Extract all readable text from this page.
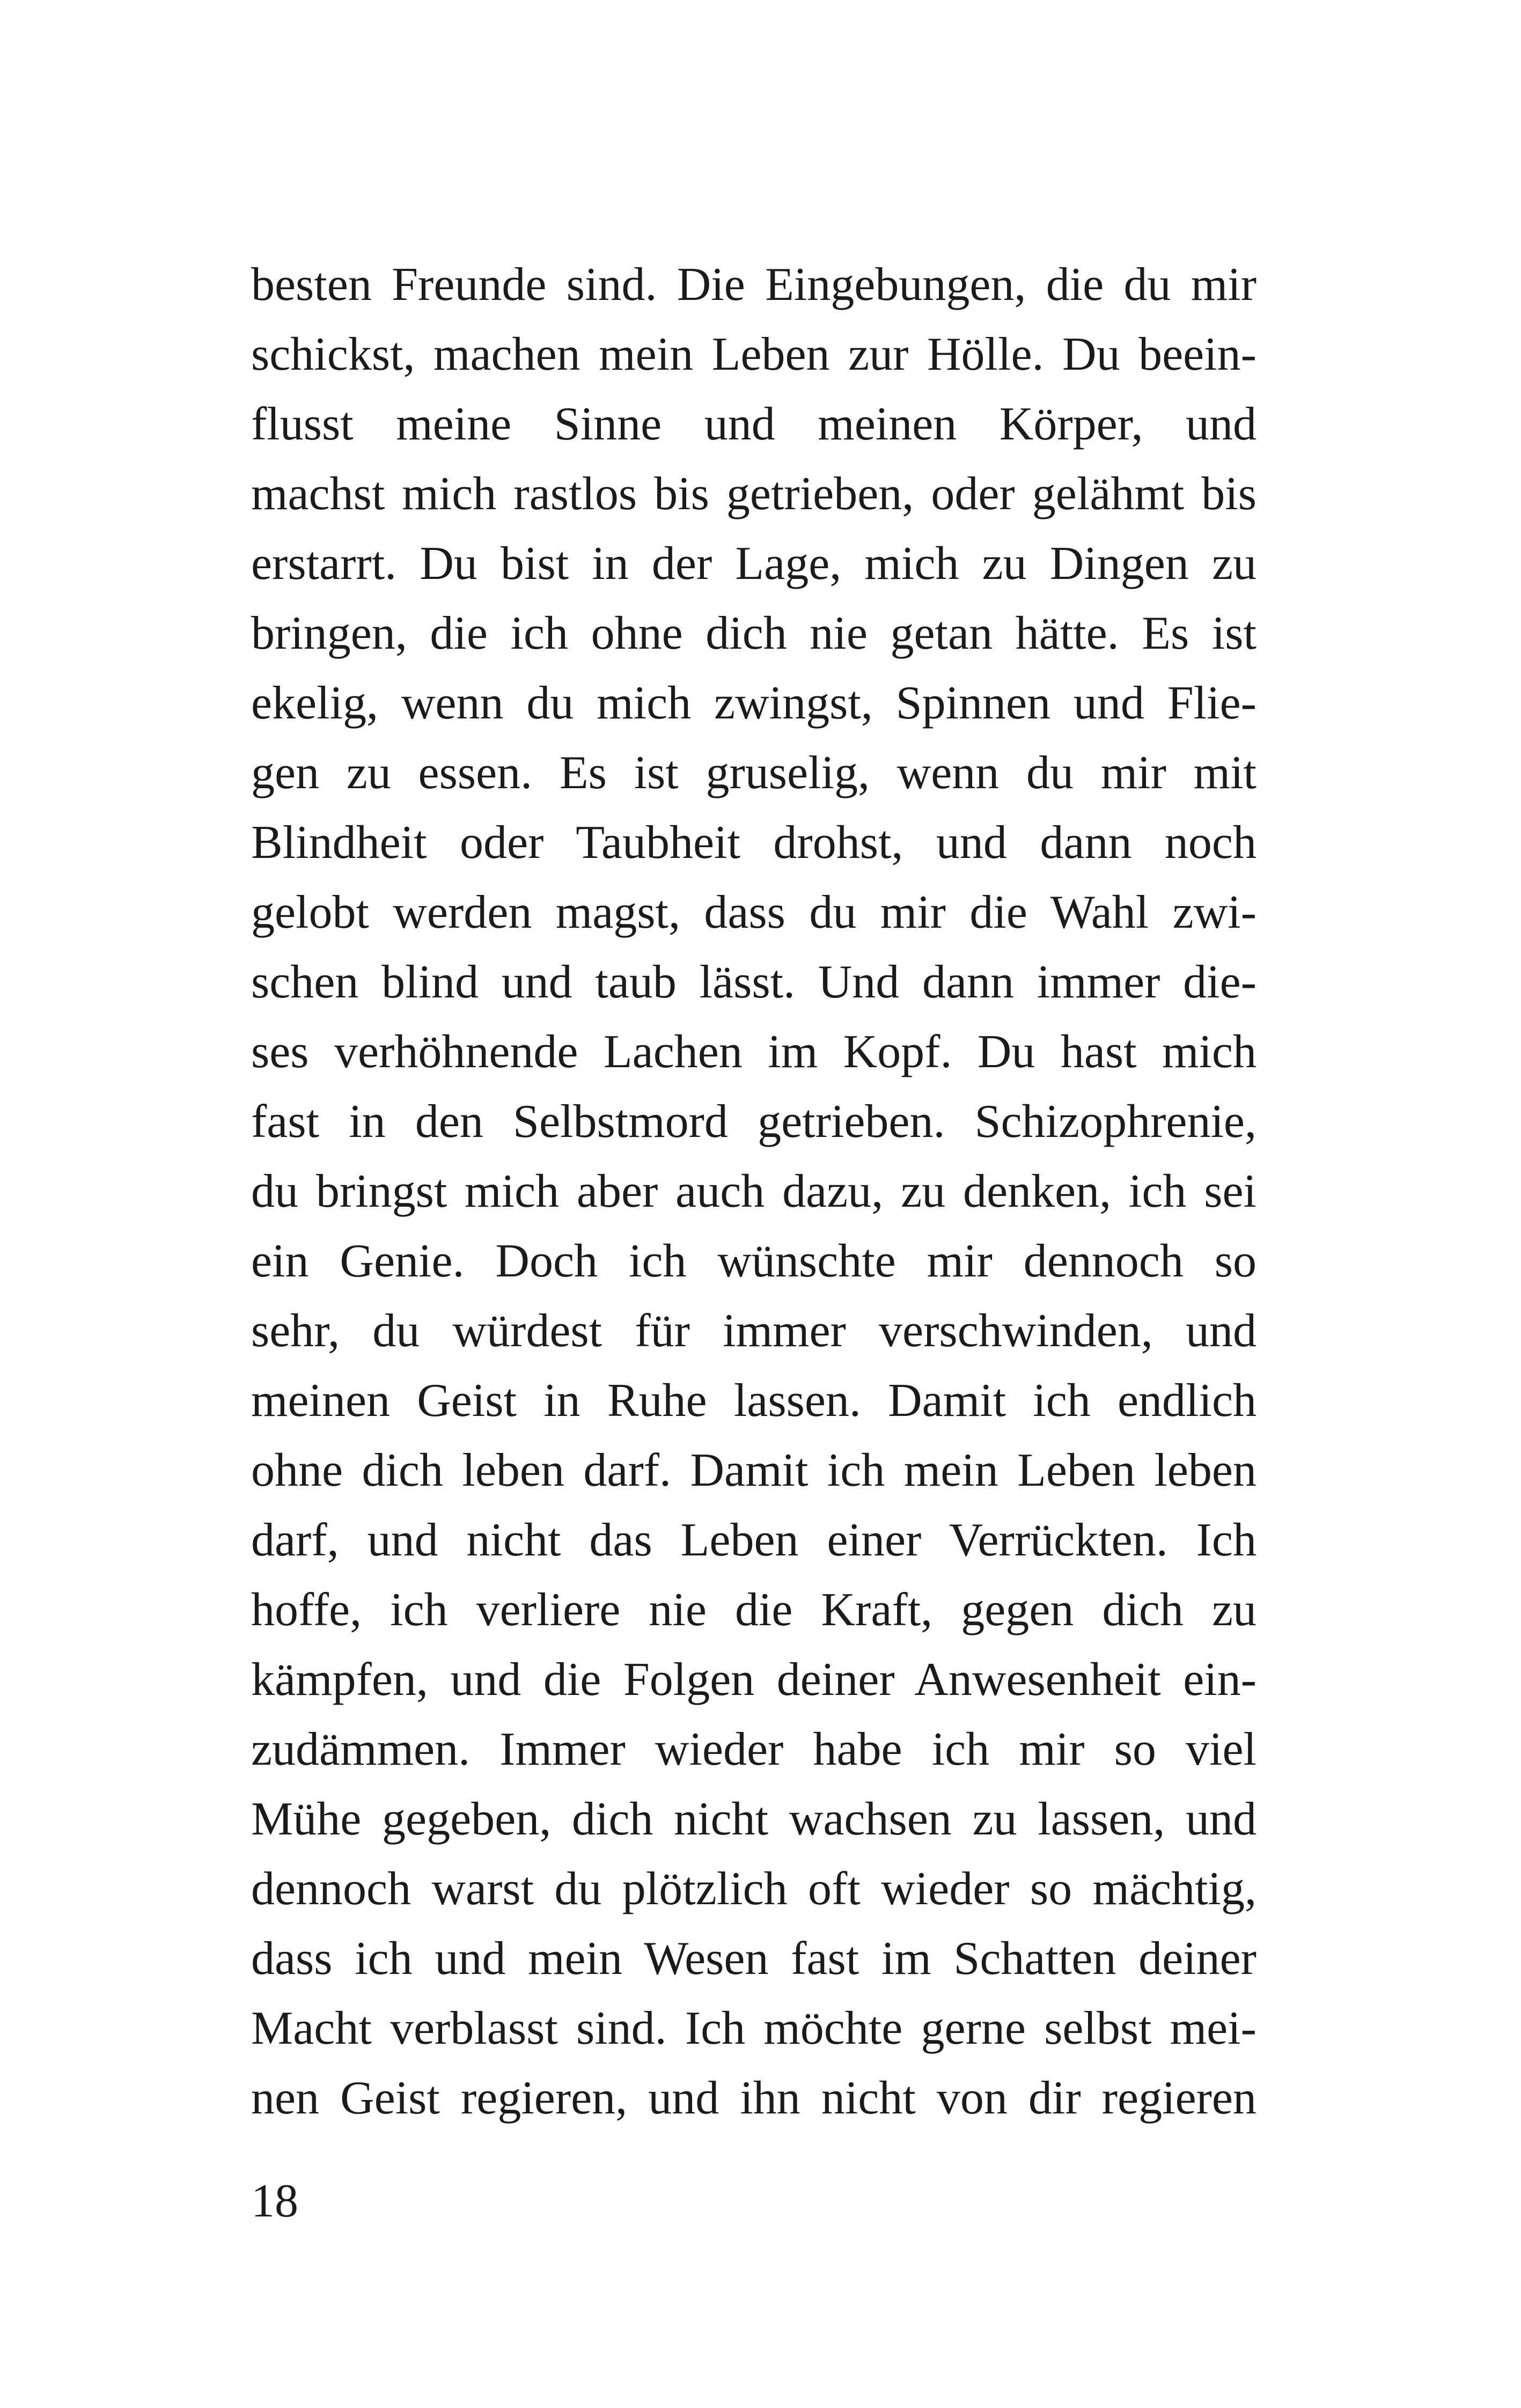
besten Freunde sind. Die Eingebungen, die du mir
schickst, machen mein Leben zur Hölle. Du beein-
flusst meine Sinne und meinen Körper, und
machst mich rastlos bis getrieben, oder gelähmt bis
erstarrt. Du bist in der Lage, mich zu Dingen zu
bringen, die ich ohne dich nie getan hätte. Es ist
ekelig, wenn du mich zwingst, Spinnen und Flie-
gen zu essen. Es ist gruselig, wenn du mir mit
Blindheit oder Taubheit drohst, und dann noch
gelobt werden magst, dass du mir die Wahl zwi-
schen blind und taub lässt. Und dann immer die-
ses verhöhnende Lachen im Kopf. Du hast mich
fast in den Selbstmord getrieben. Schizophrenie,
du bringst mich aber auch dazu, zu denken, ich sei
ein Genie. Doch ich wünschte mir dennoch so
sehr, du würdest für immer verschwinden, und
meinen Geist in Ruhe lassen. Damit ich endlich
ohne dich leben darf. Damit ich mein Leben leben
darf, und nicht das Leben einer Verrückten. Ich
hoffe, ich verliere nie die Kraft, gegen dich zu
kämpfen, und die Folgen deiner Anwesenheit ein-
zudämmen. Immer wieder habe ich mir so viel
Mühe gegeben, dich nicht wachsen zu lassen, und
dennoch warst du plötzlich oft wieder so mächtig,
dass ich und mein Wesen fast im Schatten deiner
Macht verblasst sind. Ich möchte gerne selbst mei-
nen Geist regieren, und ihn nicht von dir regieren
18
